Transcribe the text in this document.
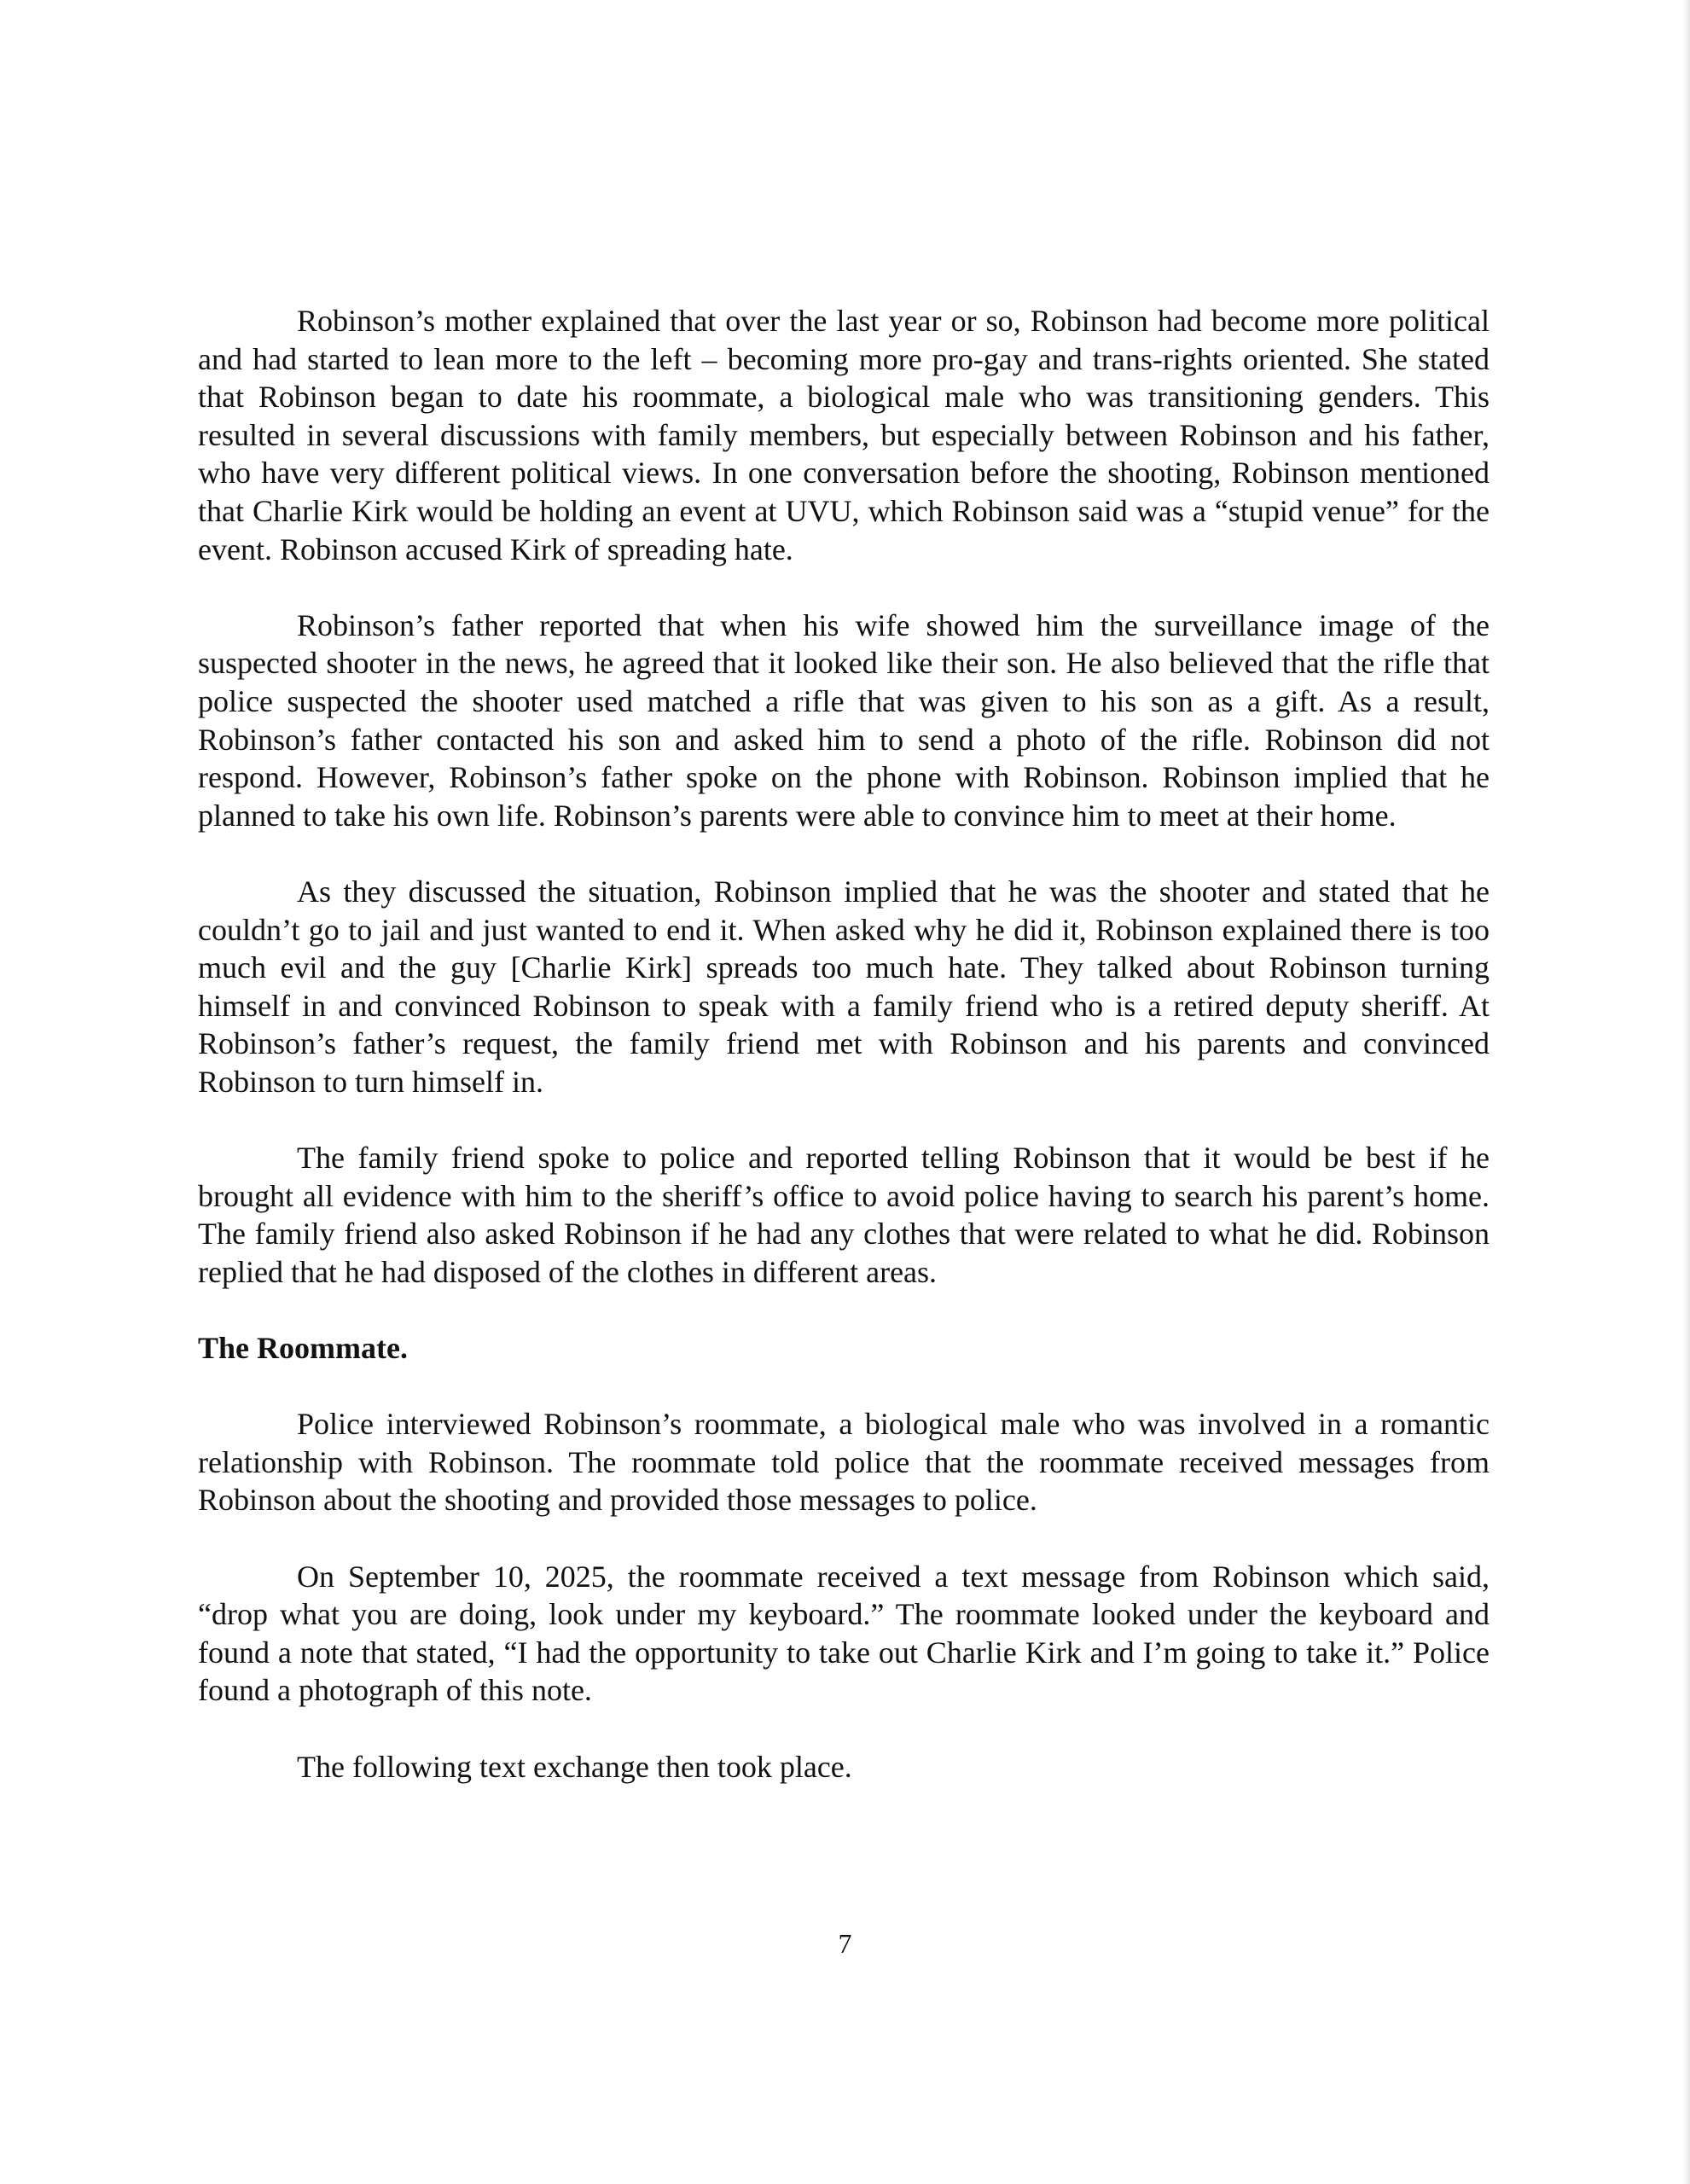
Robinson’s mother explained that over the last year or so, Robinson had become more political and had started to lean more to the left – becoming more pro-gay and trans-rights oriented. She stated that Robinson began to date his roommate, a biological male who was transitioning genders. This resulted in several discussions with family members, but especially between Robinson and his father, who have very different political views. In one conversation before the shooting, Robinson mentioned that Charlie Kirk would be holding an event at UVU, which Robinson said was a “stupid venue” for the event. Robinson accused Kirk of spreading hate.

Robinson’s father reported that when his wife showed him the surveillance image of the suspected shooter in the news, he agreed that it looked like their son. He also believed that the rifle that police suspected the shooter used matched a rifle that was given to his son as a gift. As a result, Robinson’s father contacted his son and asked him to send a photo of the rifle. Robinson did not respond. However, Robinson’s father spoke on the phone with Robinson. Robinson implied that he planned to take his own life. Robinson’s parents were able to convince him to meet at their home.

As they discussed the situation, Robinson implied that he was the shooter and stated that he couldn’t go to jail and just wanted to end it. When asked why he did it, Robinson explained there is too much evil and the guy [Charlie Kirk] spreads too much hate. They talked about Robinson turning himself in and convinced Robinson to speak with a family friend who is a retired deputy sheriff. At Robinson’s father’s request, the family friend met with Robinson and his parents and convinced Robinson to turn himself in.

The family friend spoke to police and reported telling Robinson that it would be best if he brought all evidence with him to the sheriff’s office to avoid police having to search his parent’s home. The family friend also asked Robinson if he had any clothes that were related to what he did. Robinson replied that he had disposed of the clothes in different areas.

The Roommate.

Police interviewed Robinson’s roommate, a biological male who was involved in a romantic relationship with Robinson. The roommate told police that the roommate received messages from Robinson about the shooting and provided those messages to police.

On September 10, 2025, the roommate received a text message from Robinson which said, “drop what you are doing, look under my keyboard.” The roommate looked under the keyboard and found a note that stated, “I had the opportunity to take out Charlie Kirk and I’m going to take it.” Police found a photograph of this note.

The following text exchange then took place.

7
